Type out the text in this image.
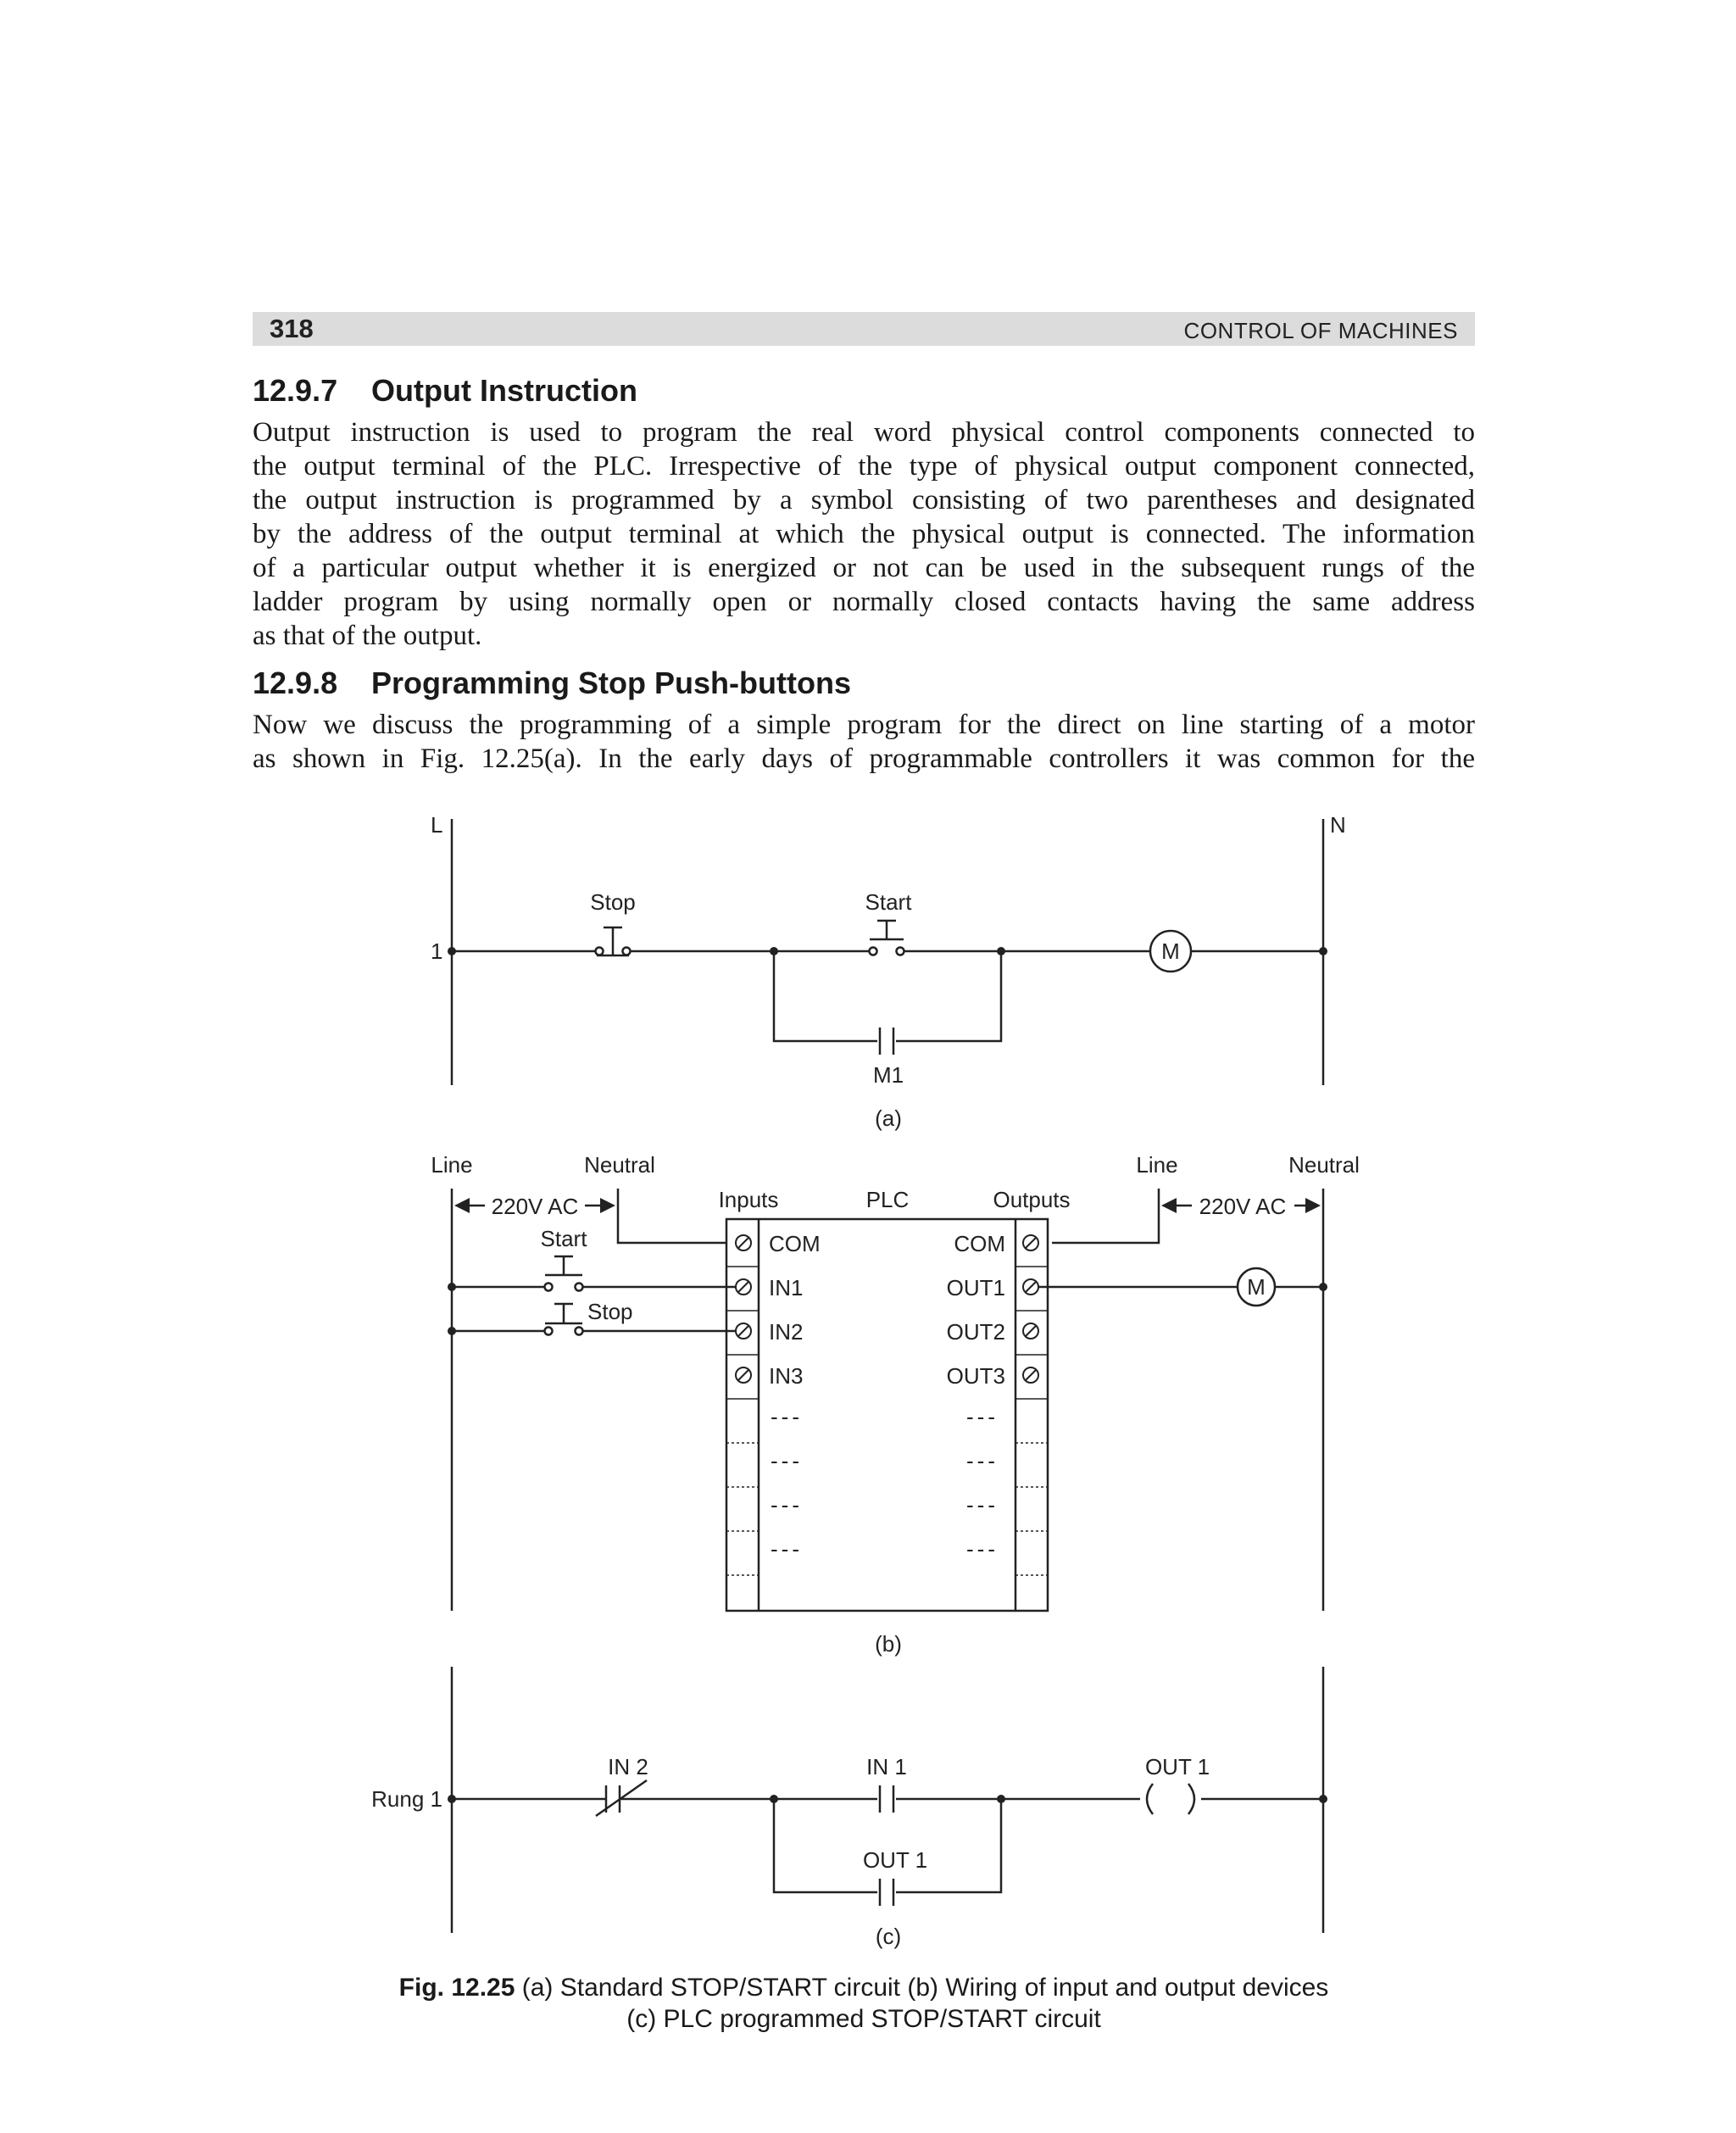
318	CONTROL OF MACHINES
12.9.7 Output Instruction
Output instruction is used to program the real word physical control components connected to
the output terminal of the PLC. Irrespective of the type of physical output component connected,
the output instruction is programmed by a symbol consisting of two parentheses and designated
by the address of the output terminal at which the physical output is connected. The information
of a particular output whether it is energized or not can be used in the subsequent rungs of the
ladder program by using normally open or normally closed contacts having the same address
as that of the output.
12.9.8 Programming Stop Push-buttons
Now we discuss the programming of a simple program for the direct on line starting of a motor
as shown in Fig. 12.25(a). In the early days of programmable controllers it was common for the
L	N
1
Stop	Start
M
M1
(a)
Line	Neutral	Line	Neutral
220V AC	220V AC
Inputs	PLC	Outputs
Start
Stop
M
COM
IN1
IN2
IN3
COM
OUT1
OUT2
OUT3
---
---
---
---
---
---
---
---
(b)
Rung 1
IN 2	IN 1	OUT 1
OUT 1
(c)
Fig. 12.25 (a) Standard STOP/START circuit (b) Wiring of input and output devices
(c) PLC programmed STOP/START circuit
